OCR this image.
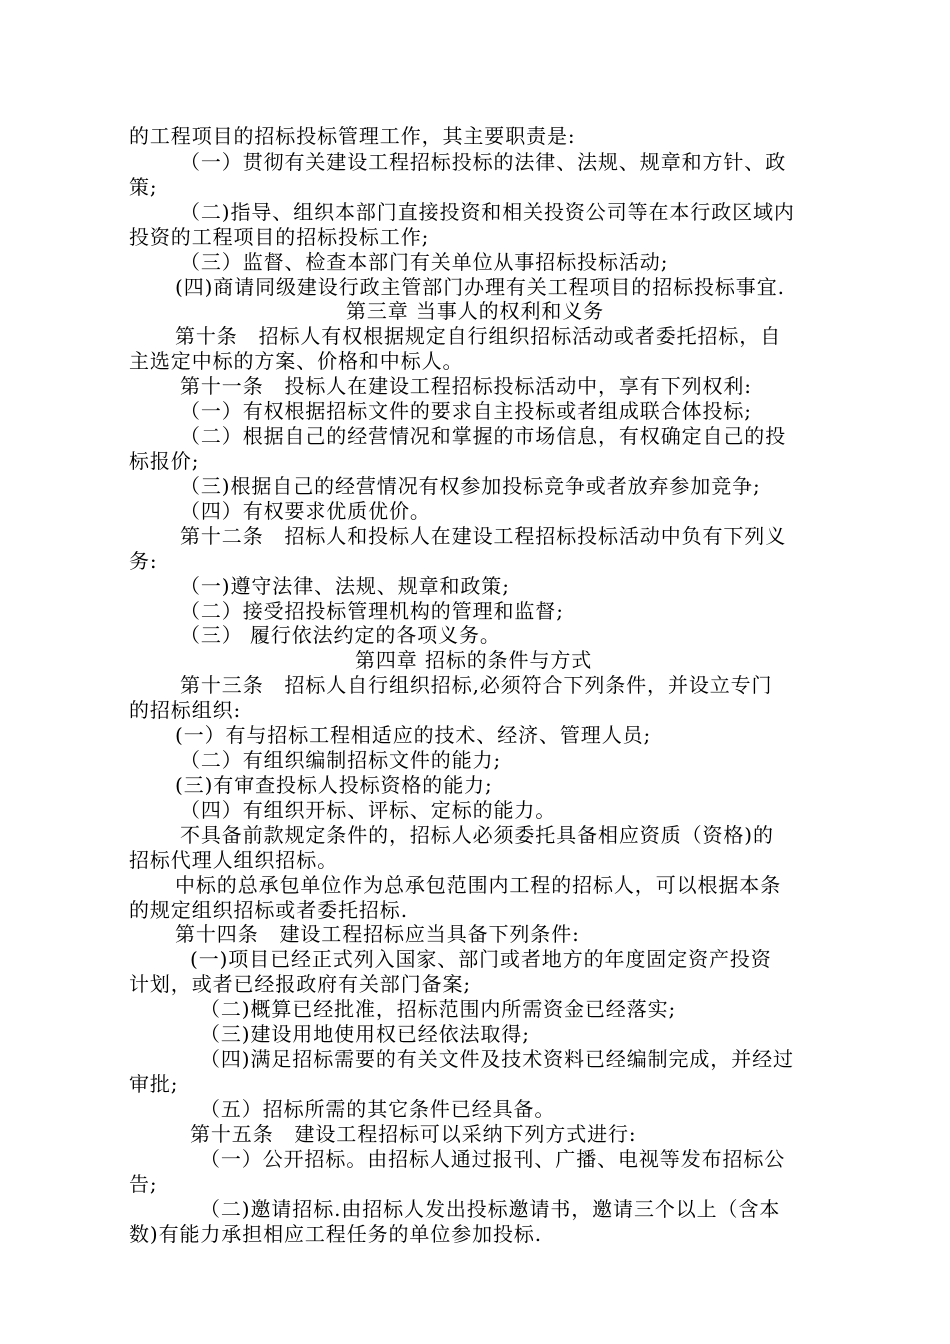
的工程项目的招标投标管理工作，其主要职责是:
（一）贯彻有关建设工程招标投标的法律、法规、规章和方针、政
策;
（二)指导、组织本部门直接投资和相关投资公司等在本行政区域内
投资的工程项目的招标投标工作;
（三）监督、检查本部门有关单位从事招标投标活动;
(四)商请同级建设行政主管部门办理有关工程项目的招标投标事宜.
第三章 当事人的权利和义务
第十条　招标人有权根据规定自行组织招标活动或者委托招标，自
主选定中标的方案、价格和中标人。
第十一条　投标人在建设工程招标投标活动中，享有下列权利:
（一）有权根据招标文件的要求自主投标或者组成联合体投标;
（二）根据自己的经营情况和掌握的市场信息，有权确定自己的投
标报价;
（三)根据自己的经营情况有权参加投标竞争或者放弃参加竞争;
（四）有权要求优质优价。
第十二条　招标人和投标人在建设工程招标投标活动中负有下列义
务:
（一)遵守法律、法规、规章和政策;
（二）接受招投标管理机构的管理和监督;
（三） 履行依法约定的各项义务。
第四章 招标的条件与方式
第十三条　招标人自行组织招标,必须符合下列条件，并设立专门
的招标组织:
(一）有与招标工程相适应的技术、经济、管理人员;
（二）有组织编制招标文件的能力;
(三)有审查投标人投标资格的能力;
（四）有组织开标、评标、定标的能力。
不具备前款规定条件的，招标人必须委托具备相应资质（资格)的
招标代理人组织招标。
中标的总承包单位作为总承包范围内工程的招标人，可以根据本条
的规定组织招标或者委托招标.
第十四条　建设工程招标应当具备下列条件:
(一)项目已经正式列入国家、部门或者地方的年度固定资产投资
计划，或者已经报政府有关部门备案;
（二)概算已经批准，招标范围内所需资金已经落实;
（三)建设用地使用权已经依法取得;
（四)满足招标需要的有关文件及技术资料已经编制完成，并经过
审批;
（五）招标所需的其它条件已经具备。
第十五条　建设工程招标可以采纳下列方式进行:
（一）公开招标。由招标人通过报刊、广播、电视等发布招标公
告;
（二)邀请招标.由招标人发出投标邀请书，邀请三个以上（含本
数)有能力承担相应工程任务的单位参加投标.
